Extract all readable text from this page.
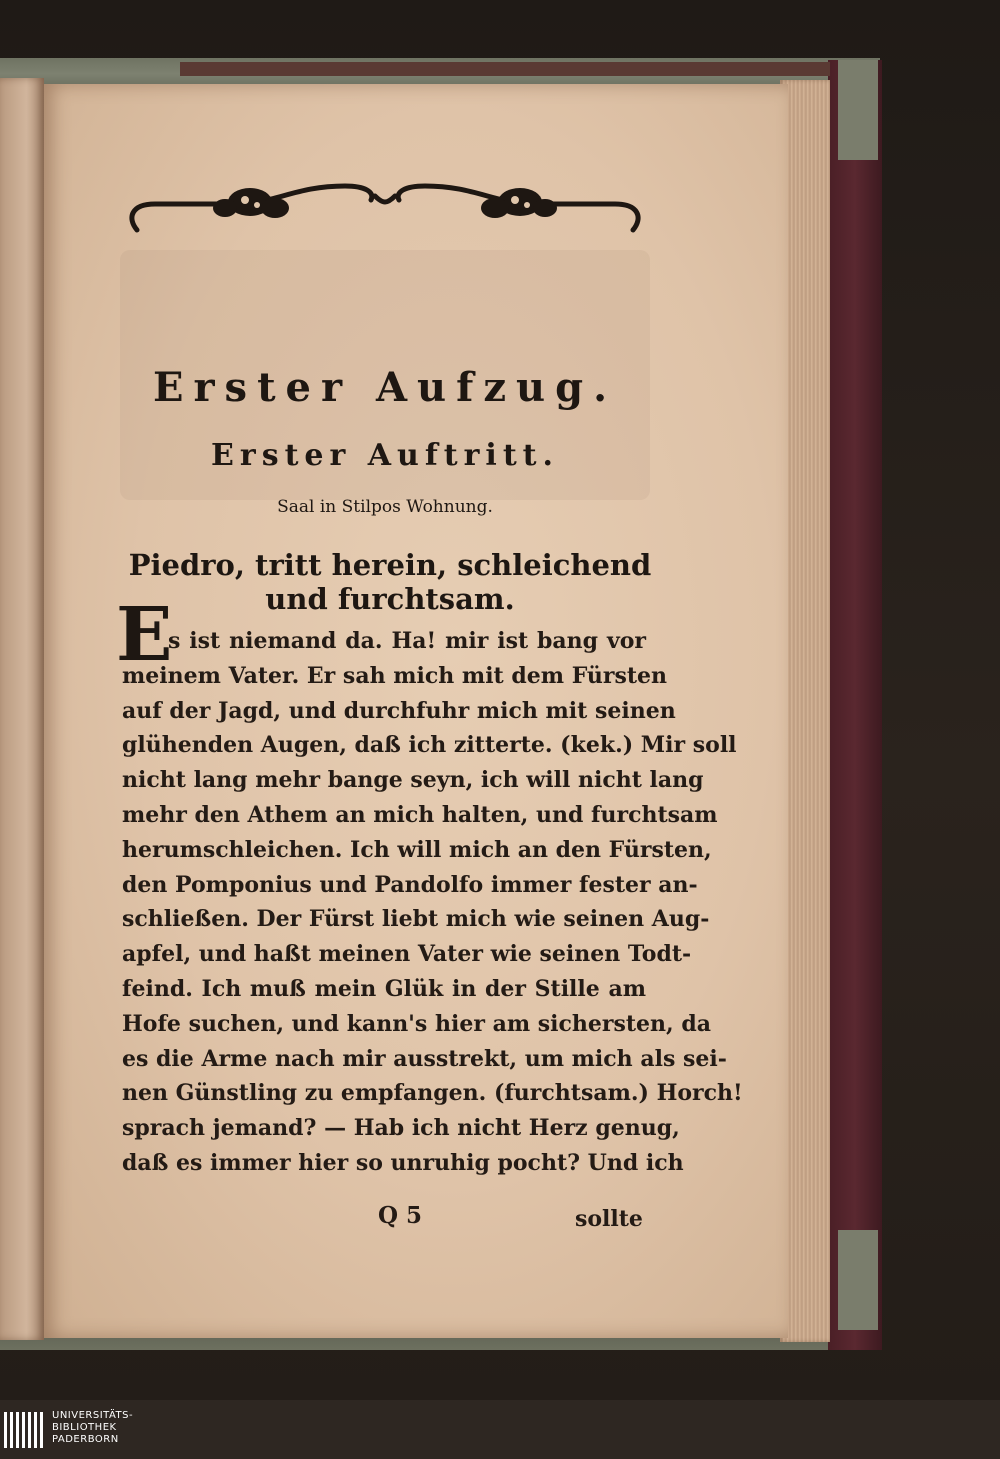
Erster Aufzug.
Erster Auftritt.
Saal in Stilpos Wohnung.
Piedro, tritt herein, schleichend und furchtsam.
E
s ist niemand da. Ha! mir ist bang vor
meinem Vater. Er sah mich mit dem Fürsten
auf der Jagd, und durchfuhr mich mit seinen
glühenden Augen, daß ich zitterte. (kek.) Mir soll
nicht lang mehr bange seyn, ich will nicht lang
mehr den Athem an mich halten, und furchtsam
herumschleichen. Ich will mich an den Fürsten,
den Pomponius und Pandolfo immer fester an-
schließen. Der Fürst liebt mich wie seinen Aug-
apfel, und haßt meinen Vater wie seinen Todt-
feind. Ich muß mein Glük in der Stille am
Hofe suchen, und kann's hier am sichersten, da
es die Arme nach mir ausstrekt, um mich als sei-
nen Günstling zu empfangen. (furchtsam.) Horch!
sprach jemand? — Hab ich nicht Herz genug,
daß es immer hier so unruhig pocht? Und ich
Q 5	sollte
UNIVERSITÄTS-
BIBLIOTHEK
PADERBORN
